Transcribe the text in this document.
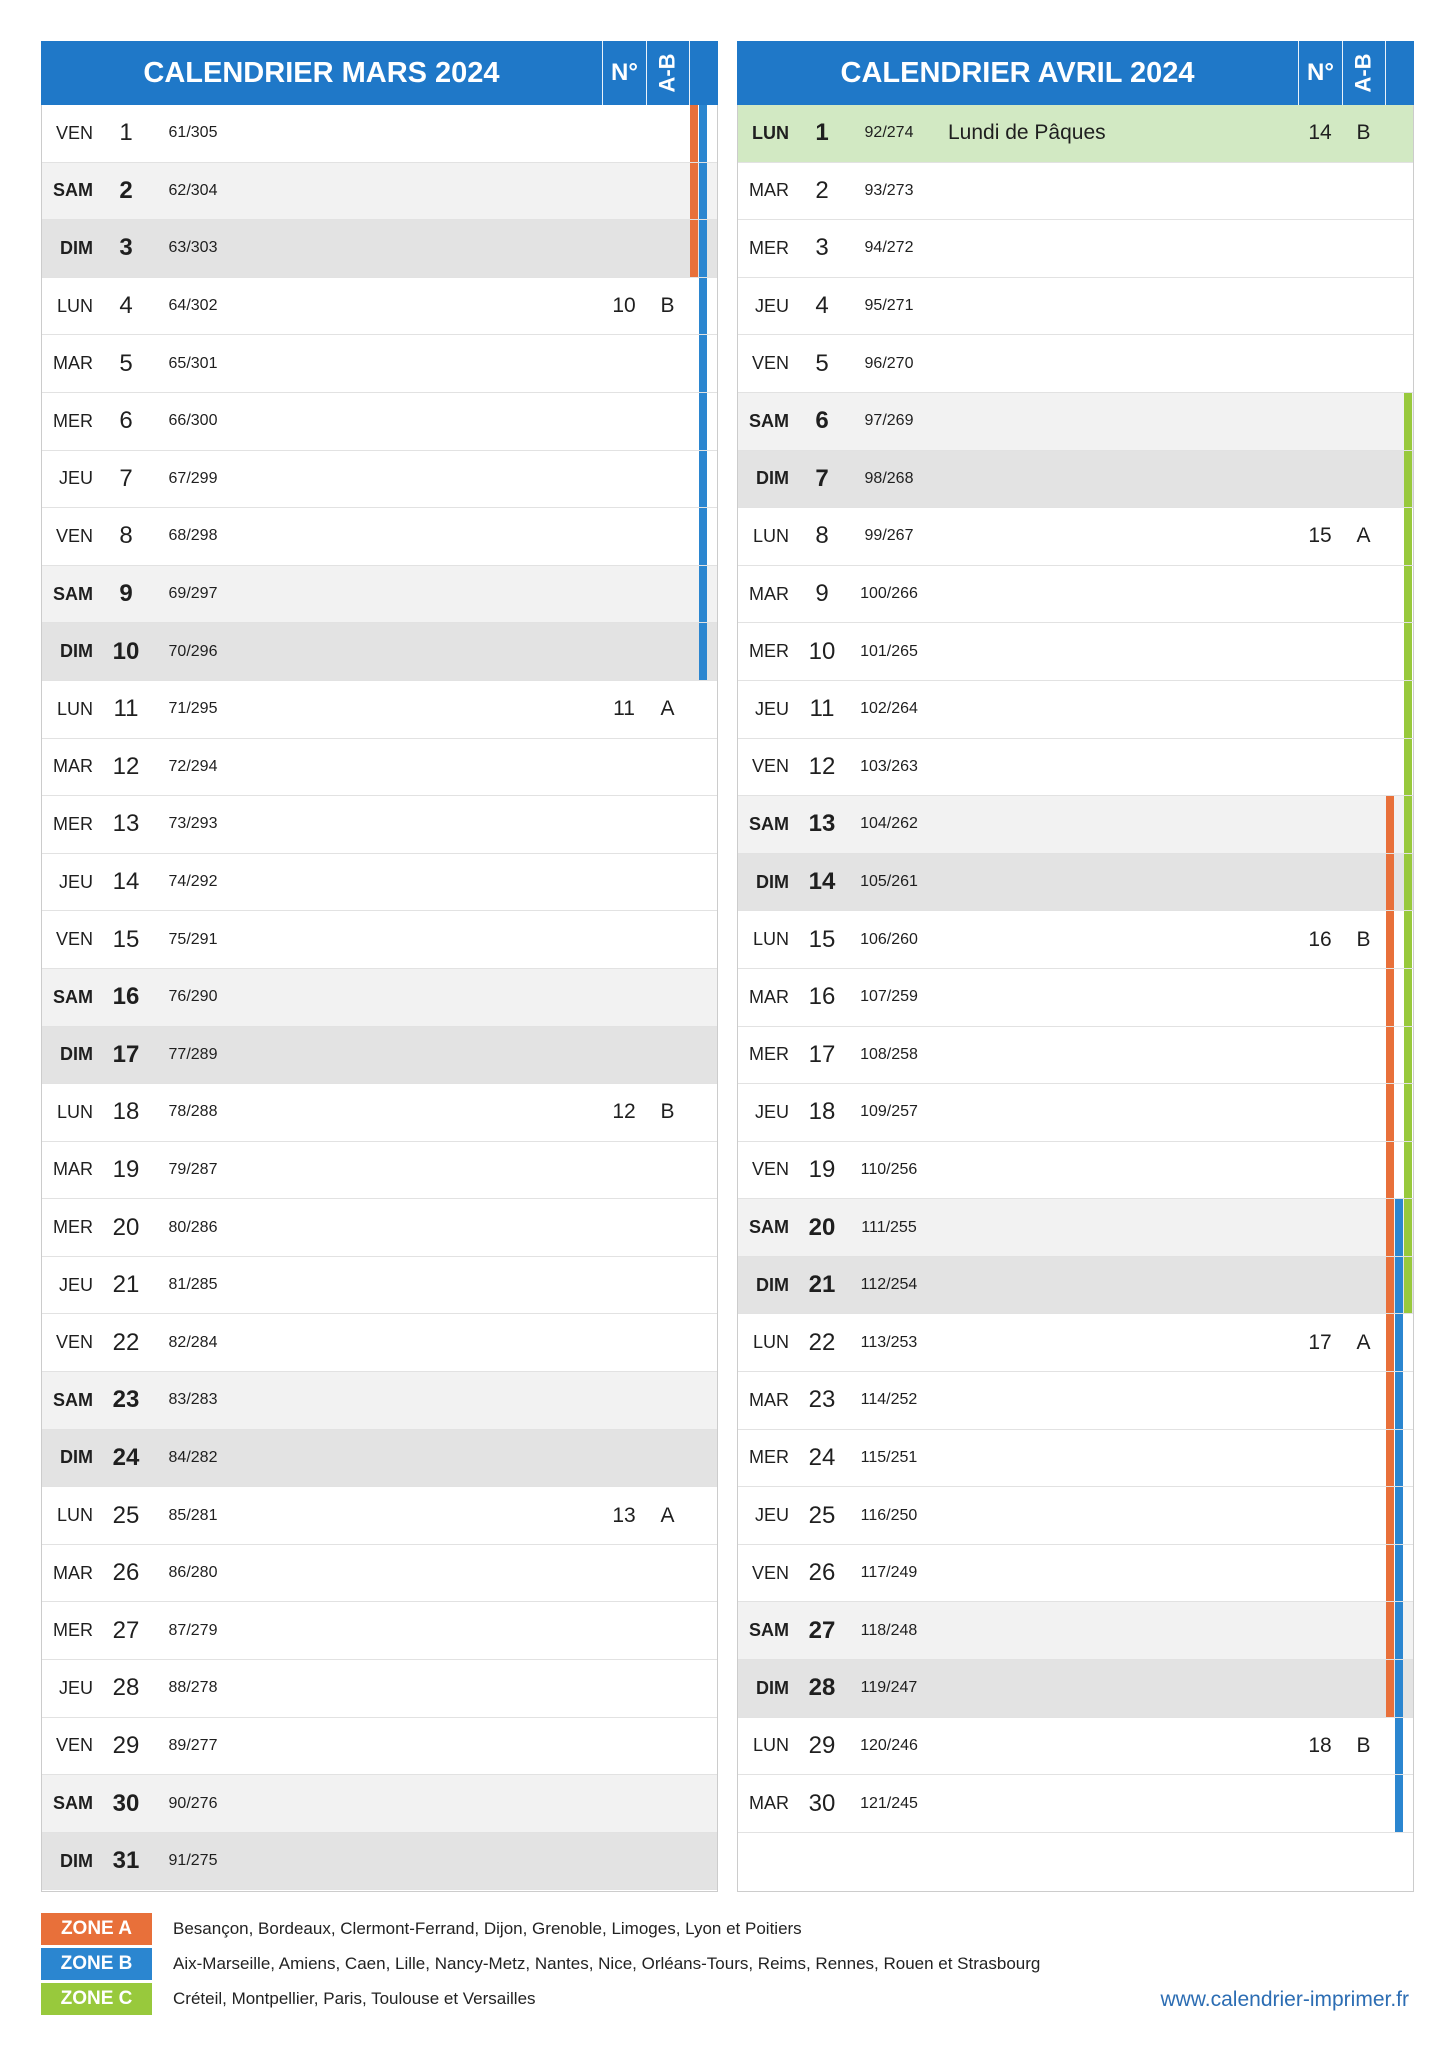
CALENDRIER MARS 2024	N° A-B
VEN	1	61/305
SAM	2	62/304
DIM	3	63/303
LUN	4	64/302	10	B
MAR	5	65/301
MER	6	66/300
JEU	7	67/299
VEN	8	68/298
SAM	9	69/297
DIM 10	70/296
LUN 11	71/295	11	A
MAR 12	72/294
MER 13	73/293
JEU 14	74/292
VEN 15	75/291
SAM 16	76/290
DIM 17	77/289
LUN 18	78/288	12	B
MAR 19	79/287
MER 20	80/286
JEU 21	81/285
VEN 22	82/284
SAM 23	83/283
DIM 24	84/282
LUN 25	85/281	13	A
MAR 26	86/280
MER 27	87/279
JEU 28	88/278
VEN 29	89/277
SAM 30	90/276
DIM 31	91/275
CALENDRIER AVRIL 2024	N° A-B
LUN	1	92/274	Lundi de Pâques	14	B
MAR	2	93/273
MER	3	94/272
JEU	4	95/271
VEN	5	96/270
SAM	6	97/269
DIM	7	98/268
LUN	8	99/267	15	A
MAR	9	100/266
MER 10	101/265
JEU 11	102/264
VEN 12	103/263
SAM 13	104/262
DIM 14	105/261
LUN 15	106/260	16	B
MAR 16	107/259
MER 17	108/258
JEU 18	109/257
VEN 19	110/256
SAM 20	111/255
DIM 21	112/254
LUN 22	113/253	17	A
MAR 23	114/252
MER 24	115/251
JEU 25	116/250
VEN 26	117/249
SAM 27	118/248
DIM 28	119/247
LUN 29	120/246	18	B
MAR 30	121/245
ZONE A	Besançon, Bordeaux, Clermont-Ferrand, Dijon, Grenoble, Limoges, Lyon et Poitiers
ZONE B	Aix-Marseille, Amiens, Caen, Lille, Nancy-Metz, Nantes, Nice, Orléans-Tours, Reims, Rennes, Rouen et Strasbourg
ZONE C	Créteil, Montpellier, Paris, Toulouse et Versailles	www.calendrier-imprimer.fr
